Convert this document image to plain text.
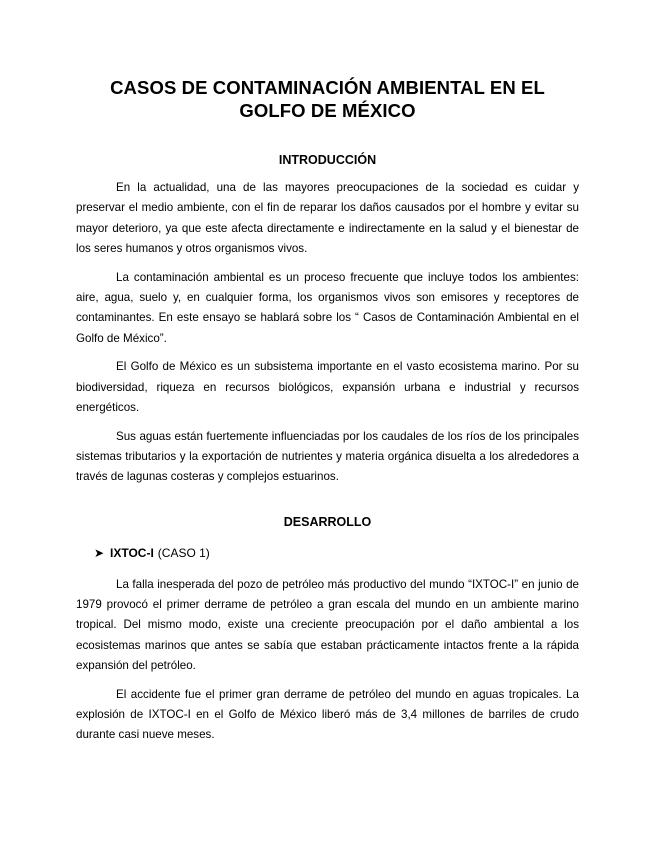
CASOS DE CONTAMINACIÓN AMBIENTAL EN EL
GOLFO DE MÉXICO
INTRODUCCIÓN

En la actualidad, una de las mayores preocupaciones de la sociedad es cuidar y preservar el medio ambiente, con el fin de reparar los daños causados por el hombre y evitar su mayor deterioro, ya que este afecta directamente e indirectamente en la salud y el bienestar de los seres humanos y otros organismos vivos.

La contaminación ambiental es un proceso frecuente que incluye todos los ambientes: aire, agua, suelo y, en cualquier forma, los organismos vivos son emisores y receptores de contaminantes. En este ensayo se hablará sobre los “ Casos de Contaminación Ambiental en el Golfo de México”.

El Golfo de México es un subsistema importante en el vasto ecosistema marino. Por su biodiversidad, riqueza en recursos biológicos, expansión urbana e industrial y recursos energéticos.

Sus aguas están fuertemente influenciadas por los caudales de los ríos de los principales sistemas tributarios y la exportación de nutrientes y materia orgánica disuelta a los alrededores a través de lagunas costeras y complejos estuarinos.

DESARROLLO
➤ IXTOC-I (CASO 1)

La falla inesperada del pozo de petróleo más productivo del mundo “IXTOC-I” en junio de 1979 provocó el primer derrame de petróleo a gran escala del mundo en un ambiente marino tropical. Del mismo modo, existe una creciente preocupación por el daño ambiental a los ecosistemas marinos que antes se sabía que estaban prácticamente intactos frente a la rápida expansión del petróleo.

El accidente fue el primer gran derrame de petróleo del mundo en aguas tropicales. La explosión de IXTOC-I en el Golfo de México liberó más de 3,4 millones de barriles de crudo durante casi nueve meses.
